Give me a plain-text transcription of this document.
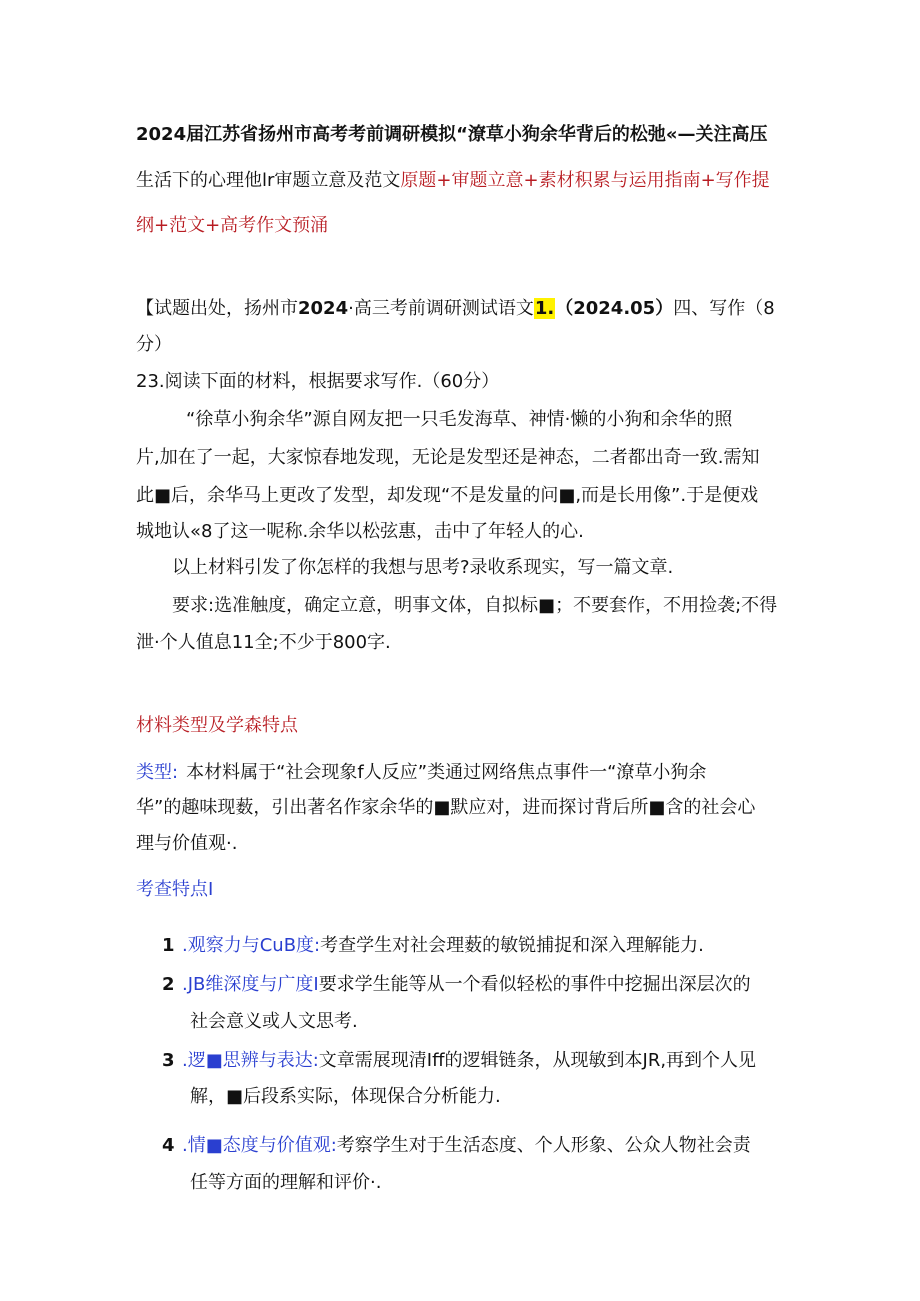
2024届江苏省扬州市高考考前调研模拟“潦草小狗余华背后的松弛«—关注高压
生活下的心理他lr审题立意及范文原题+审题立意+素材积累与运用指南+写作提
纲+范文+高考作文预涌
【试题出处，扬州市2024·高三考前调研测试语文1.（2024.05）四、写作（8
分）
23.阅读下面的材料，根据要求写作.（60分）
“徐草小狗余华”源自网友把一只毛发海草、神情·懒的小狗和余华的照
片,加在了一起，大家惊春地发现，无论是发型还是神态，二者都出奇一致.需知
此■后，余华马上更改了发型，却发现“不是发量的问■,而是长用像”.于是便戏
城地认«8了这一呢称.余华以松弦惠，击中了年轻人的心.
以上材料引发了你怎样的我想与思考?录收系现实，写一篇文章.
要求:选准触度，确定立意，明事文体，自拟标■；不要套作，不用捡袭;不得
泄·个人值息11全;不少于800字.
材料类型及学森特点
类型: 本材料属于“社会现象f人反应”类通过网络焦点事件一“潦草小狗余
华”的趣味现薮，引出著名作家余华的■默应对，进而探讨背后所■含的社会心
理与价值观·.
考查特点I
1 .观察力与CuB度:考查学生对社会理薮的敏锐捕捉和深入理解能力.
2 .JB维深度与广度I要求学生能等从一个看似轻松的事件中挖掘出深层次的
社会意义或人文思考.
3 .逻■思辨与表达:文章需展现清Iff的逻辑链条，从现敏到本JR,再到个人见
解，■后段系实际，体现保合分析能力.
4 .情■态度与价值观:考察学生对于生活态度、个人形象、公众人物社会责
任等方面的理解和评价·.
